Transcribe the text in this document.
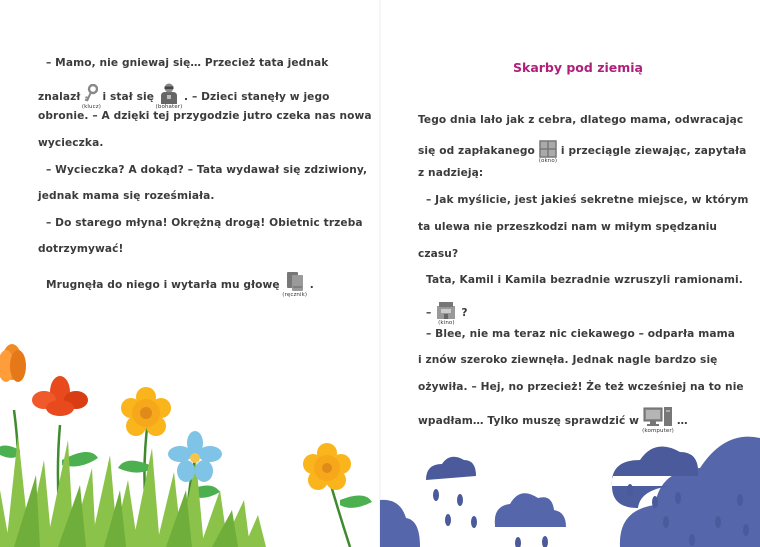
– Mamo, nie gniewaj się… Przecież tata jednak
znalazł
(klucz)
i stał się
(bohater)
. – Dzieci stanęły w jego
obronie. – A dzięki tej przygodzie jutro czeka nas nowa
wycieczka.
– Wycieczka? A dokąd? – Tata wydawał się zdziwiony,
jednak mama się roześmiała.
– Do starego młyna! Okrężną drogą! Obietnic trzeba
dotrzymywać!
Mrugnęła do niego i wytarła mu głowę
(ręcznik)
.
Skarby pod ziemią
Tego dnia lało jak z cebra, dlatego mama, odwracając
się od zapłakanego
(okno)
i przeciągle ziewając, zapytała
z nadzieją:
– Jak myślicie, jest jakieś sekretne miejsce, w którym
ta ulewa nie przeszkodzi nam w miłym spędzaniu
czasu?
Tata, Kamil i Kamila bezradnie wzruszyli ramionami.
–
(kino)
?
– Blee, nie ma teraz nic ciekawego – odparła mama
i znów szeroko ziewnęła. Jednak nagle bardzo się
ożywiła. – Hej, no przecież! Że też wcześniej na to nie
wpadłam… Tylko muszę sprawdzić w
(komputer)
…
